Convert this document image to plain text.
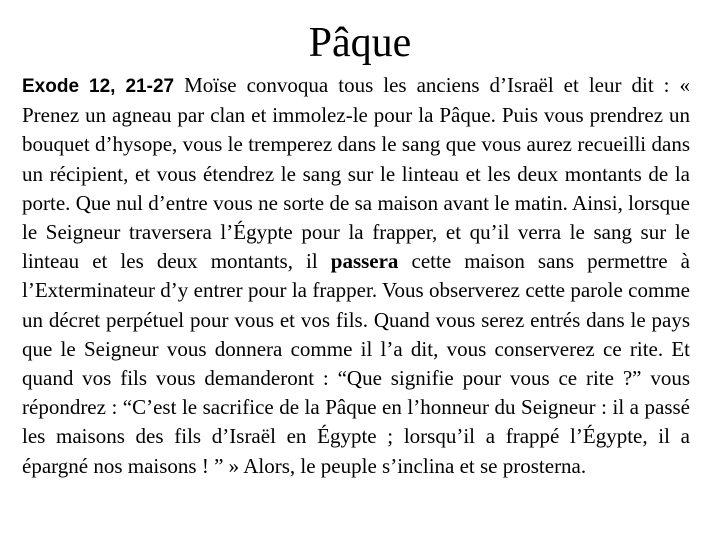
Pâque

Exode 12, 21-27 Moïse convoqua tous les anciens d’Israël et leur dit : « Prenez un agneau par clan et immolez-le pour la Pâque. Puis vous prendrez un bouquet d’hysope, vous le tremperez dans le sang que vous aurez recueilli dans un récipient, et vous étendrez le sang sur le linteau et les deux montants de la porte. Que nul d’entre vous ne sorte de sa maison avant le matin. Ainsi, lorsque le Seigneur traversera l’Égypte pour la frapper, et qu’il verra le sang sur le linteau et les deux montants, il passera cette maison sans permettre à l’Exterminateur d’y entrer pour la frapper. Vous observerez cette parole comme un décret perpétuel pour vous et vos fils. Quand vous serez entrés dans le pays que le Seigneur vous donnera comme il l’a dit, vous conserverez ce rite. Et quand vos fils vous demanderont : “Que signifie pour vous ce rite ?” vous répondrez : “C’est le sacrifice de la Pâque en l’honneur du Seigneur : il a passé les maisons des fils d’Israël en Égypte ; lorsqu’il a frappé l’Égypte, il a épargné nos maisons ! ” » Alors, le peuple s’inclina et se prosterna.
